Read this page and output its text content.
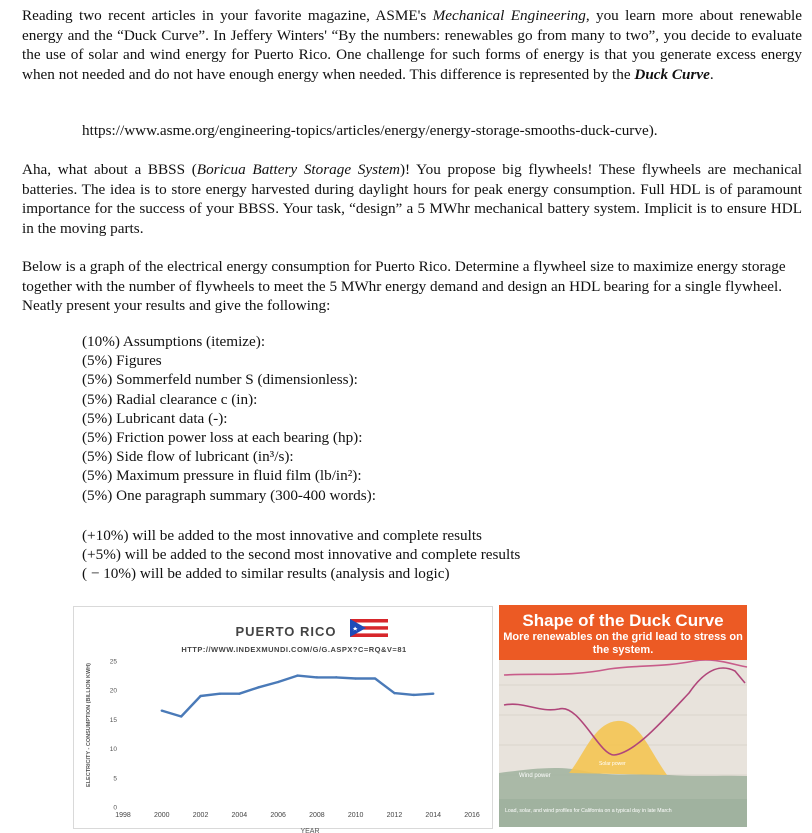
Reading two recent articles in your favorite magazine, ASME's Mechanical Engineering, you learn more about renewable energy and the “Duck Curve”. In Jeffery Winters' “By the numbers: renewables go from many to two”, you decide to evaluate the use of solar and wind energy for Puerto Rico. One challenge for such forms of energy is that you generate excess energy when not needed and do not have enough energy when needed. This difference is represented by the Duck Curve.

https://www.asme.org/engineering-topics/articles/energy/energy-storage-smooths-duck-curve).

Aha, what about a BBSS (Boricua Battery Storage System)! You propose big flywheels! These flywheels are mechanical batteries. The idea is to store energy harvested during daylight hours for peak energy consumption. Full HDL is of paramount importance for the success of your BBSS. Your task, “design” a 5 MWhr mechanical battery system. Implicit is to ensure HDL in the moving parts.

Below is a graph of the electrical energy consumption for Puerto Rico. Determine a flywheel size to maximize energy storage together with the number of flywheels to meet the 5 MWhr energy demand and design an HDL bearing for a single flywheel. Neatly present your results and give the following:

(10%) Assumptions (itemize):
(5%) Figures
(5%) Sommerfeld number S (dimensionless):
(5%) Radial clearance c (in):
(5%) Lubricant data (-):
(5%) Friction power loss at each bearing (hp):
(5%) Side flow of lubricant (in³/s):
(5%) Maximum pressure in fluid film (lb/in²):
(5%) One paragraph summary (300-400 words):
(+10%) will be added to the most innovative and complete results
(+5%) will be added to the second most innovative and complete results
( − 10%) will be added to similar results (analysis and logic)
PUERTO RICO
HTTP://WWW.INDEXMUNDI.COM/G/G.ASPX?C=RQ&V=81
ELECTRICITY - CONSUMPTION (BILLION KWH)
0
5
10
15
20
25
1998	2000	2002	2004	2006	2008	2010	2012	2014	2016
YEAR
Load, solar, and wind profiles for California on a typical day in late March
Wind power
Solar power
Shape of the Duck Curve
More renewables on the grid lead to stress on the system.
